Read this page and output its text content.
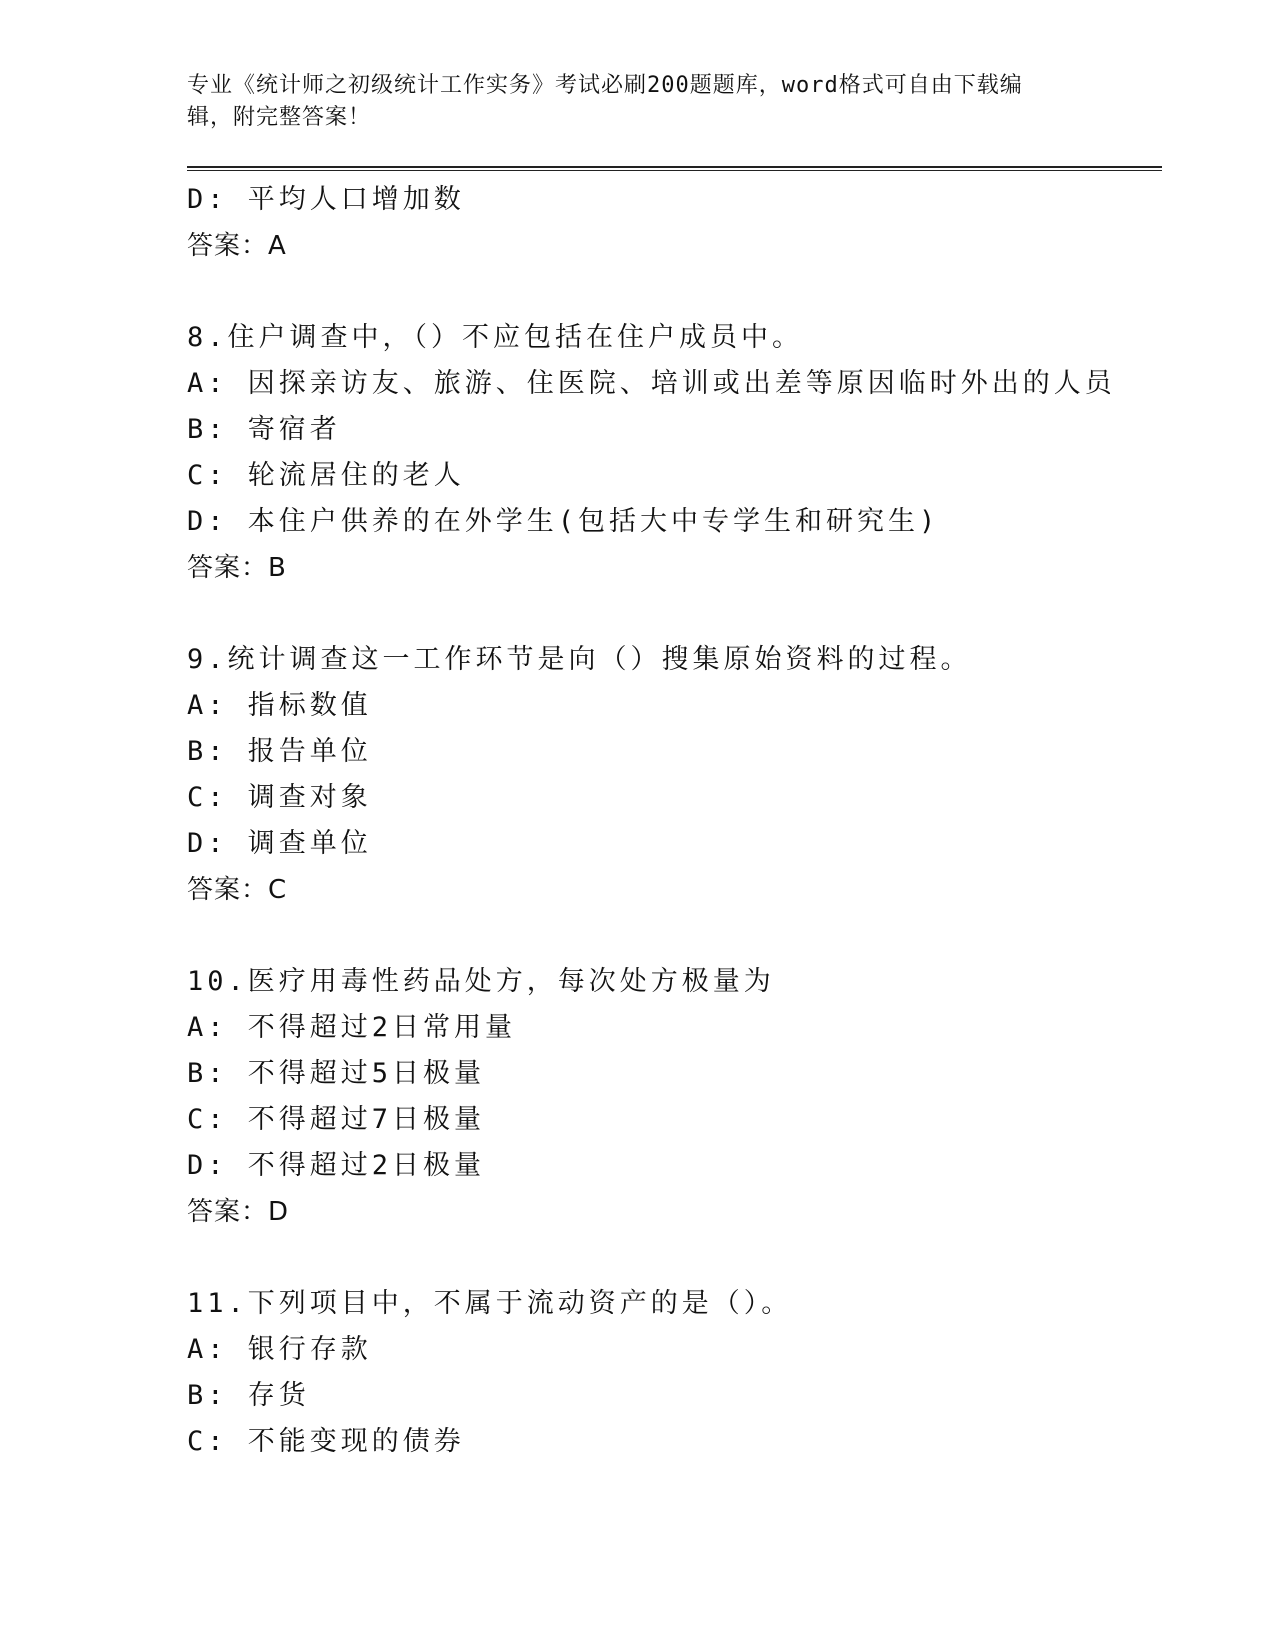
专业《统计师之初级统计工作实务》考试必刷200题题库，word格式可自由下载编辑，附完整答案！
D: 平均人口增加数
答案：A
8.住户调查中，（）不应包括在住户成员中。
A: 因探亲访友、旅游、住医院、培训或出差等原因临时外出的人员
B: 寄宿者
C: 轮流居住的老人
D: 本住户供养的在外学生(包括大中专学生和研究生)
答案：B
9.统计调查这一工作环节是向（）搜集原始资料的过程。
A: 指标数值
B: 报告单位
C: 调查对象
D: 调查单位
答案：C
10.医疗用毒性药品处方，每次处方极量为
A: 不得超过2日常用量
B: 不得超过5日极量
C: 不得超过7日极量
D: 不得超过2日极量
答案：D
11.下列项目中，不属于流动资产的是（）。
A: 银行存款
B: 存货
C: 不能变现的债券
